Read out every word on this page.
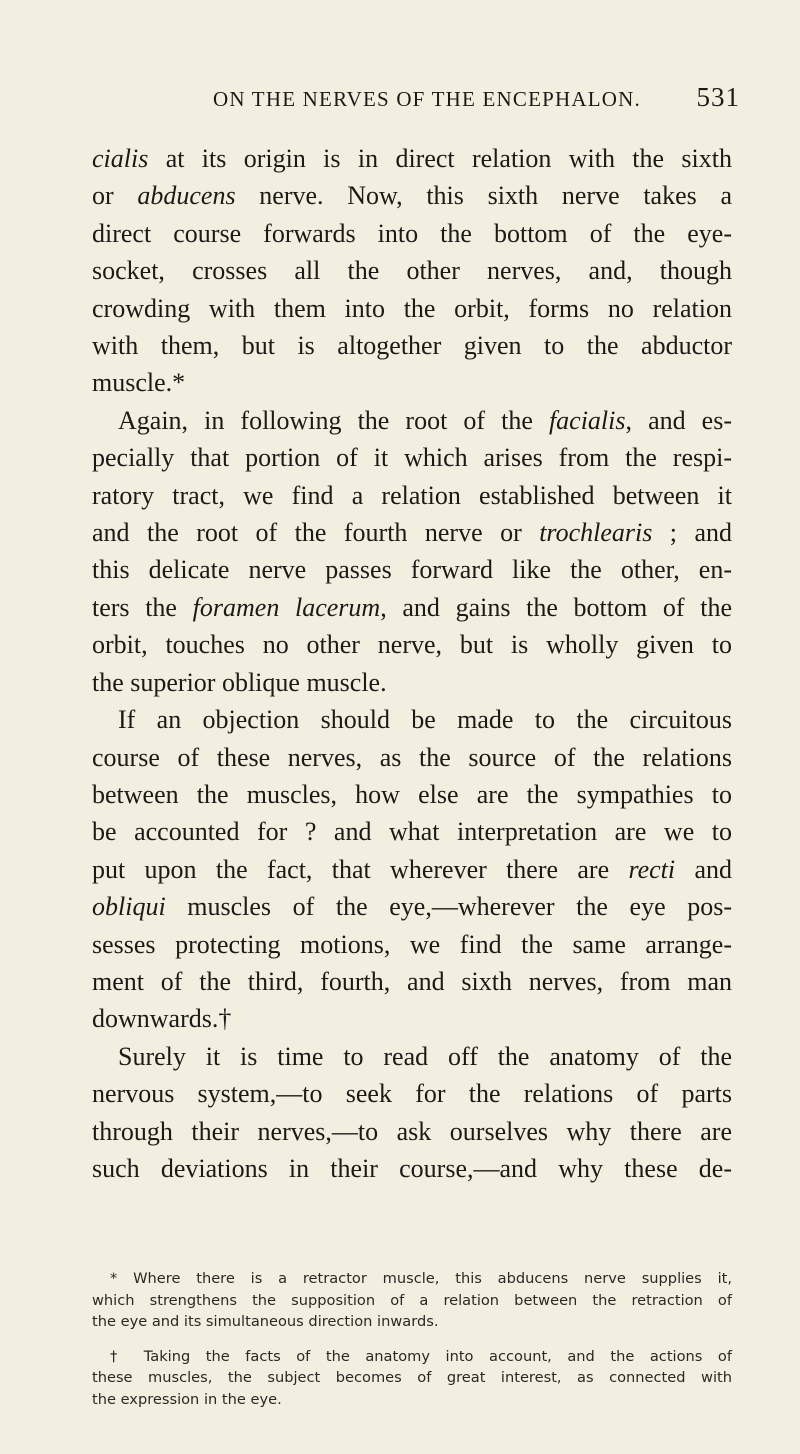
ON THE NERVES OF THE ENCEPHALON. 531
cialis at its origin is in direct relation with the sixth
or abducens nerve. Now, this sixth nerve takes a
direct course forwards into the bottom of the eye-
socket, crosses all the other nerves, and, though
crowding with them into the orbit, forms no relation
with them, but is altogether given to the abductor
muscle.*
Again, in following the root of the facialis, and es-
pecially that portion of it which arises from the respi-
ratory tract, we find a relation established between it
and the root of the fourth nerve or trochlearis ; and
this delicate nerve passes forward like the other, en-
ters the foramen lacerum, and gains the bottom of the
orbit, touches no other nerve, but is wholly given to
the superior oblique muscle.
If an objection should be made to the circuitous
course of these nerves, as the source of the relations
between the muscles, how else are the sympathies to
be accounted for ? and what interpretation are we to
put upon the fact, that wherever there are recti and
obliqui muscles of the eye,—wherever the eye pos-
sesses protecting motions, we find the same arrange-
ment of the third, fourth, and sixth nerves, from man
downwards.†
Surely it is time to read off the anatomy of the
nervous system,—to seek for the relations of parts
through their nerves,—to ask ourselves why there are
such deviations in their course,—and why these de-
* Where there is a retractor muscle, this abducens nerve supplies it,
which strengthens the supposition of a relation between the retraction of
the eye and its simultaneous direction inwards.
† Taking the facts of the anatomy into account, and the actions of
these muscles, the subject becomes of great interest, as connected with
the expression in the eye.
